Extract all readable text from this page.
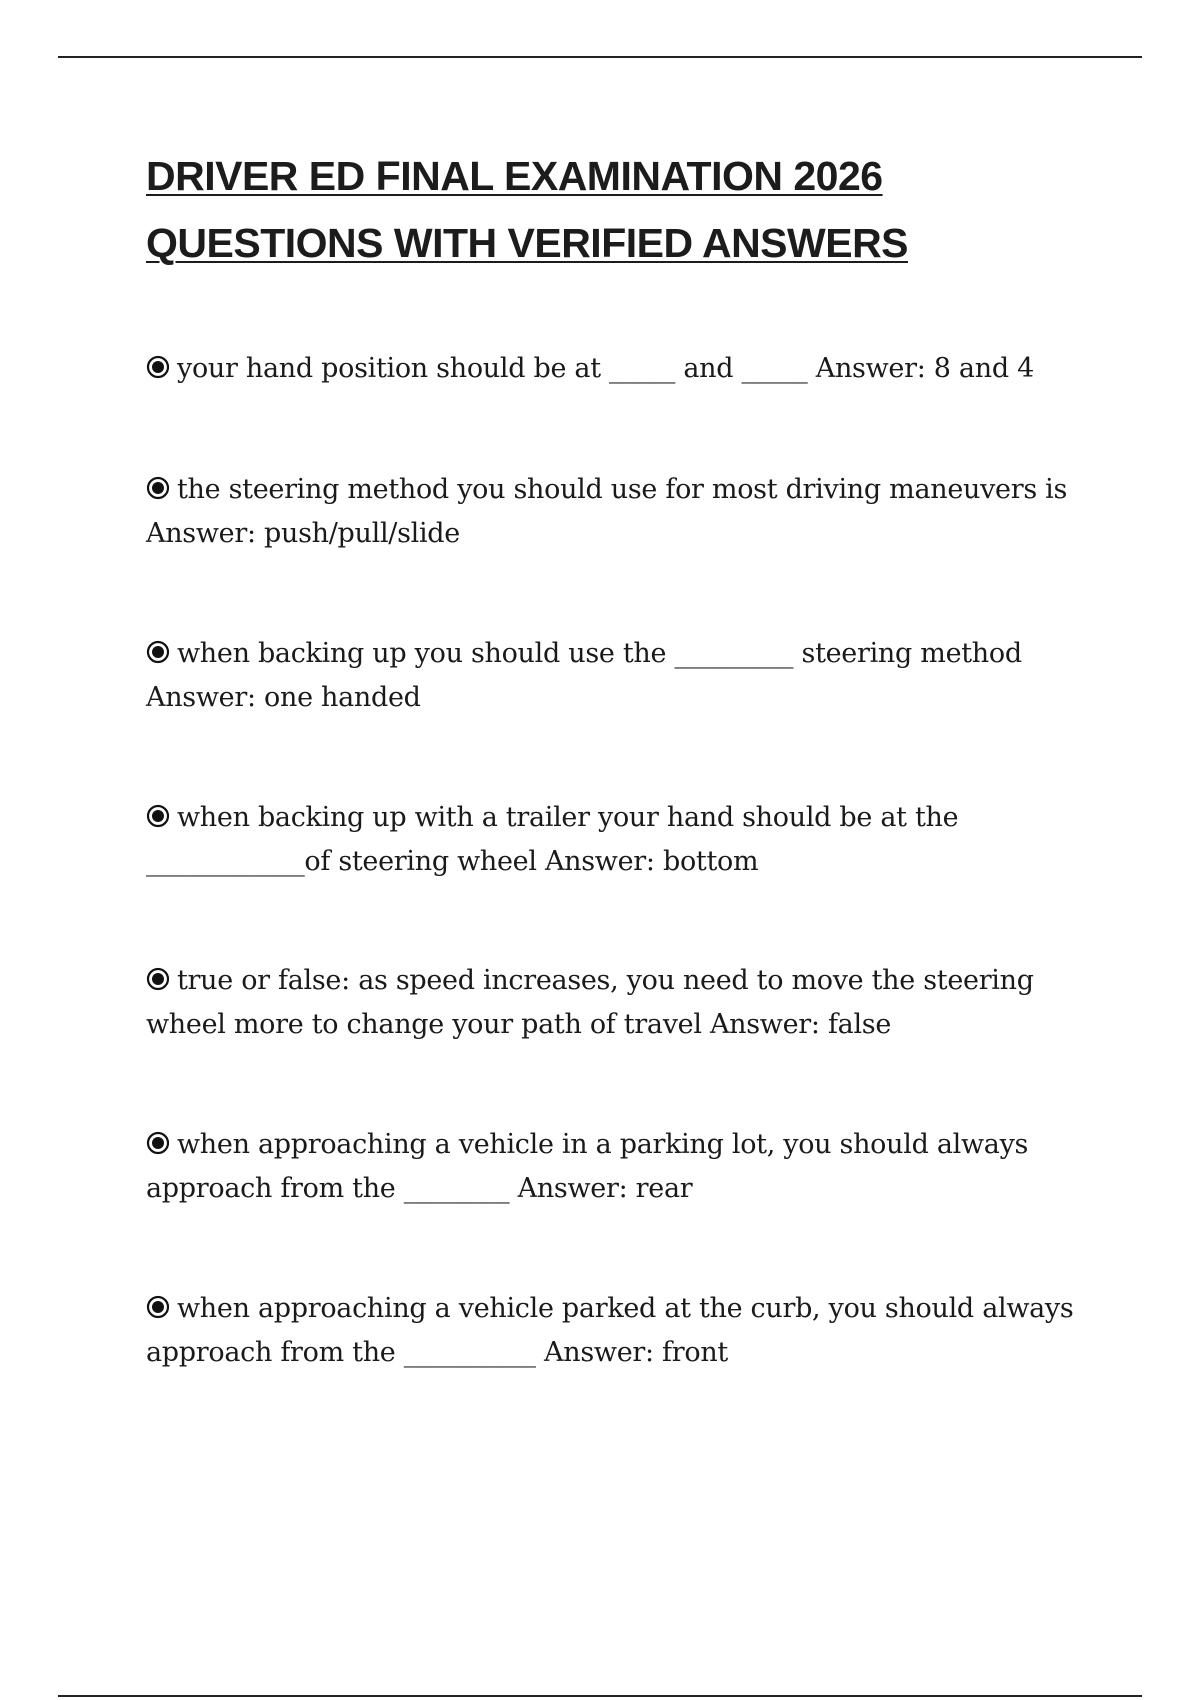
DRIVER ED FINAL EXAMINATION 2026
QUESTIONS WITH VERIFIED ANSWERS
your hand position should be at _____ and _____ Answer: 8 and 4
the steering method you should use for most driving maneuvers is Answer: push/pull/slide
when backing up you should use the _________ steering method Answer: one handed
when backing up with a trailer your hand should be at the ____________of steering wheel Answer: bottom
true or false: as speed increases, you need to move the steering wheel more to change your path of travel Answer: false
when approaching a vehicle in a parking lot, you should always approach from the ________ Answer: rear
when approaching a vehicle parked at the curb, you should always approach from the __________ Answer: front
